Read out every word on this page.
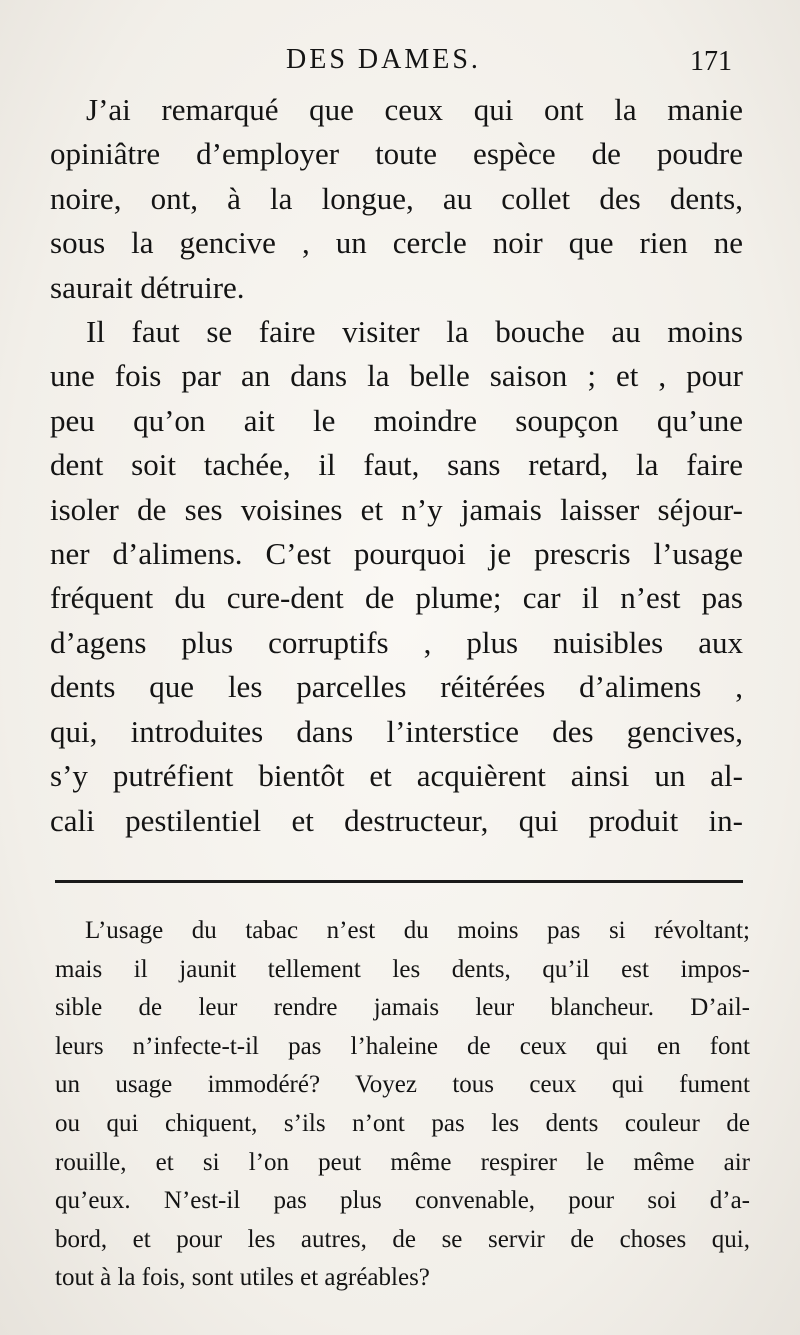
DES DAMES.	171
J’ai remarqué que ceux qui ont la manie
opiniâtre d’employer toute espèce de poudre
noire, ont, à la longue, au collet des dents,
sous la gencive , un cercle noir que rien ne
saurait détruire.
Il faut se faire visiter la bouche au moins
une fois par an dans la belle saison ; et , pour
peu qu’on ait le moindre soupçon qu’une
dent soit tachée, il faut, sans retard, la faire
isoler de ses voisines et n’y jamais laisser séjour-
ner d’alimens. C’est pourquoi je prescris l’usage
fréquent du cure-dent de plume; car il n’est pas
d’agens plus corruptifs , plus nuisibles aux
dents que les parcelles réitérées d’alimens ,
qui, introduites dans l’interstice des gencives,
s’y putréfient bientôt et acquièrent ainsi un al-
cali pestilentiel et destructeur, qui produit in-
L’usage du tabac n’est du moins pas si révoltant;
mais il jaunit tellement les dents, qu’il est impos-
sible de leur rendre jamais leur blancheur. D’ail-
leurs n’infecte-t-il pas l’haleine de ceux qui en font
un usage immodéré? Voyez tous ceux qui fument
ou qui chiquent, s’ils n’ont pas les dents couleur de
rouille, et si l’on peut même respirer le même air
qu’eux. N’est-il pas plus convenable, pour soi d’a-
bord, et pour les autres, de se servir de choses qui,
tout à la fois, sont utiles et agréables?
